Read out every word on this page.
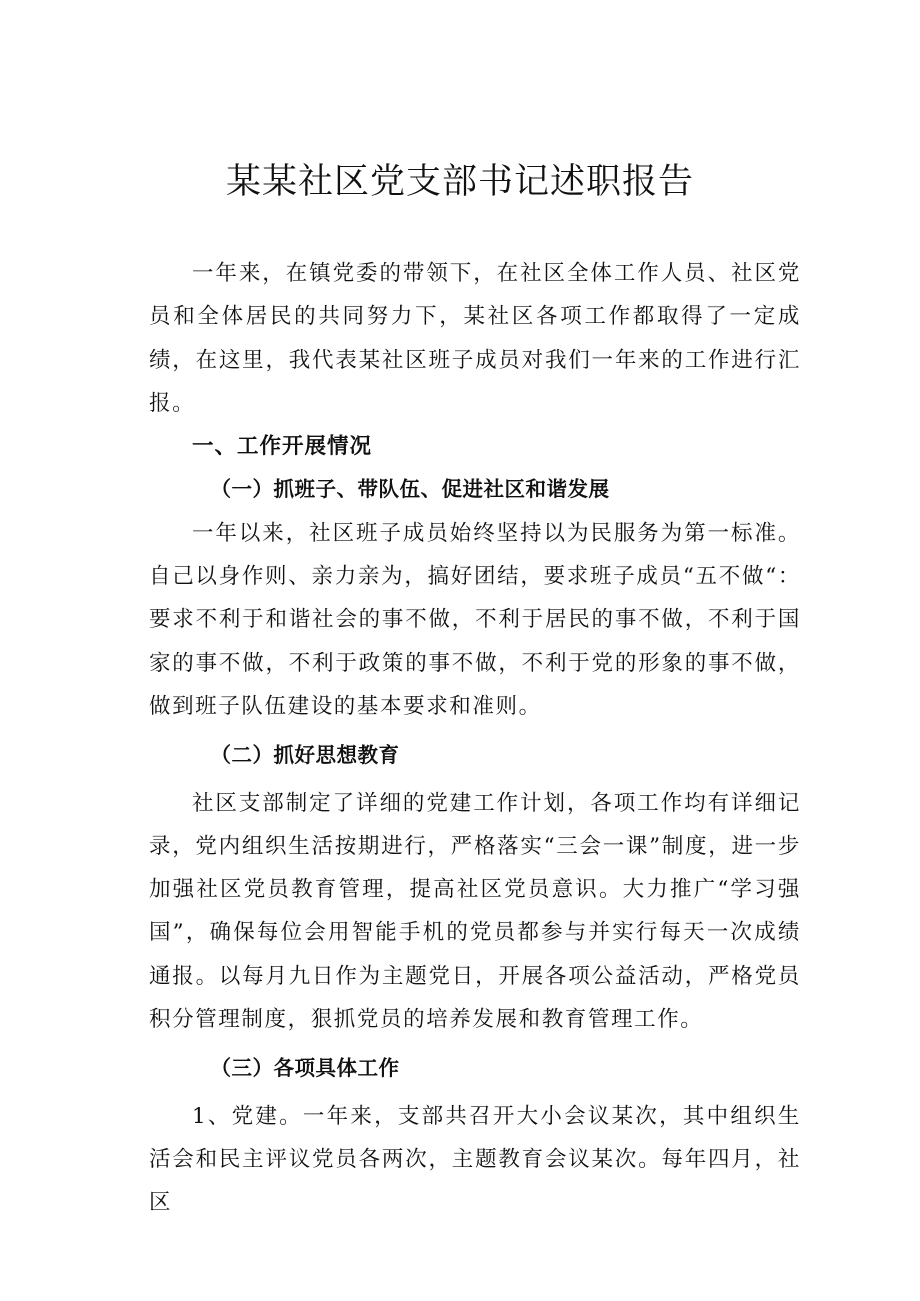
某某社区党支部书记述职报告

一年来，在镇党委的带领下，在社区全体工作人员、社区党员和全体居民的共同努力下，某社区各项工作都取得了一定成绩，在这里，我代表某社区班子成员对我们一年来的工作进行汇报。

一、工作开展情况

（一）抓班子、带队伍、促进社区和谐发展

一年以来，社区班子成员始终坚持以为民服务为第一标准。自己以身作则、亲力亲为，搞好团结，要求班子成员“五不做“：要求不利于和谐社会的事不做，不利于居民的事不做，不利于国家的事不做，不利于政策的事不做，不利于党的形象的事不做，做到班子队伍建设的基本要求和准则。

（二）抓好思想教育

社区支部制定了详细的党建工作计划，各项工作均有详细记录，党内组织生活按期进行，严格落实“三会一课”制度，进一步加强社区党员教育管理，提高社区党员意识。大力推广“学习强国”，确保每位会用智能手机的党员都参与并实行每天一次成绩通报。以每月九日作为主题党日，开展各项公益活动，严格党员积分管理制度，狠抓党员的培养发展和教育管理工作。

（三）各项具体工作

1、党建。一年来，支部共召开大小会议某次，其中组织生活会和民主评议党员各两次，主题教育会议某次。每年四月，社区
